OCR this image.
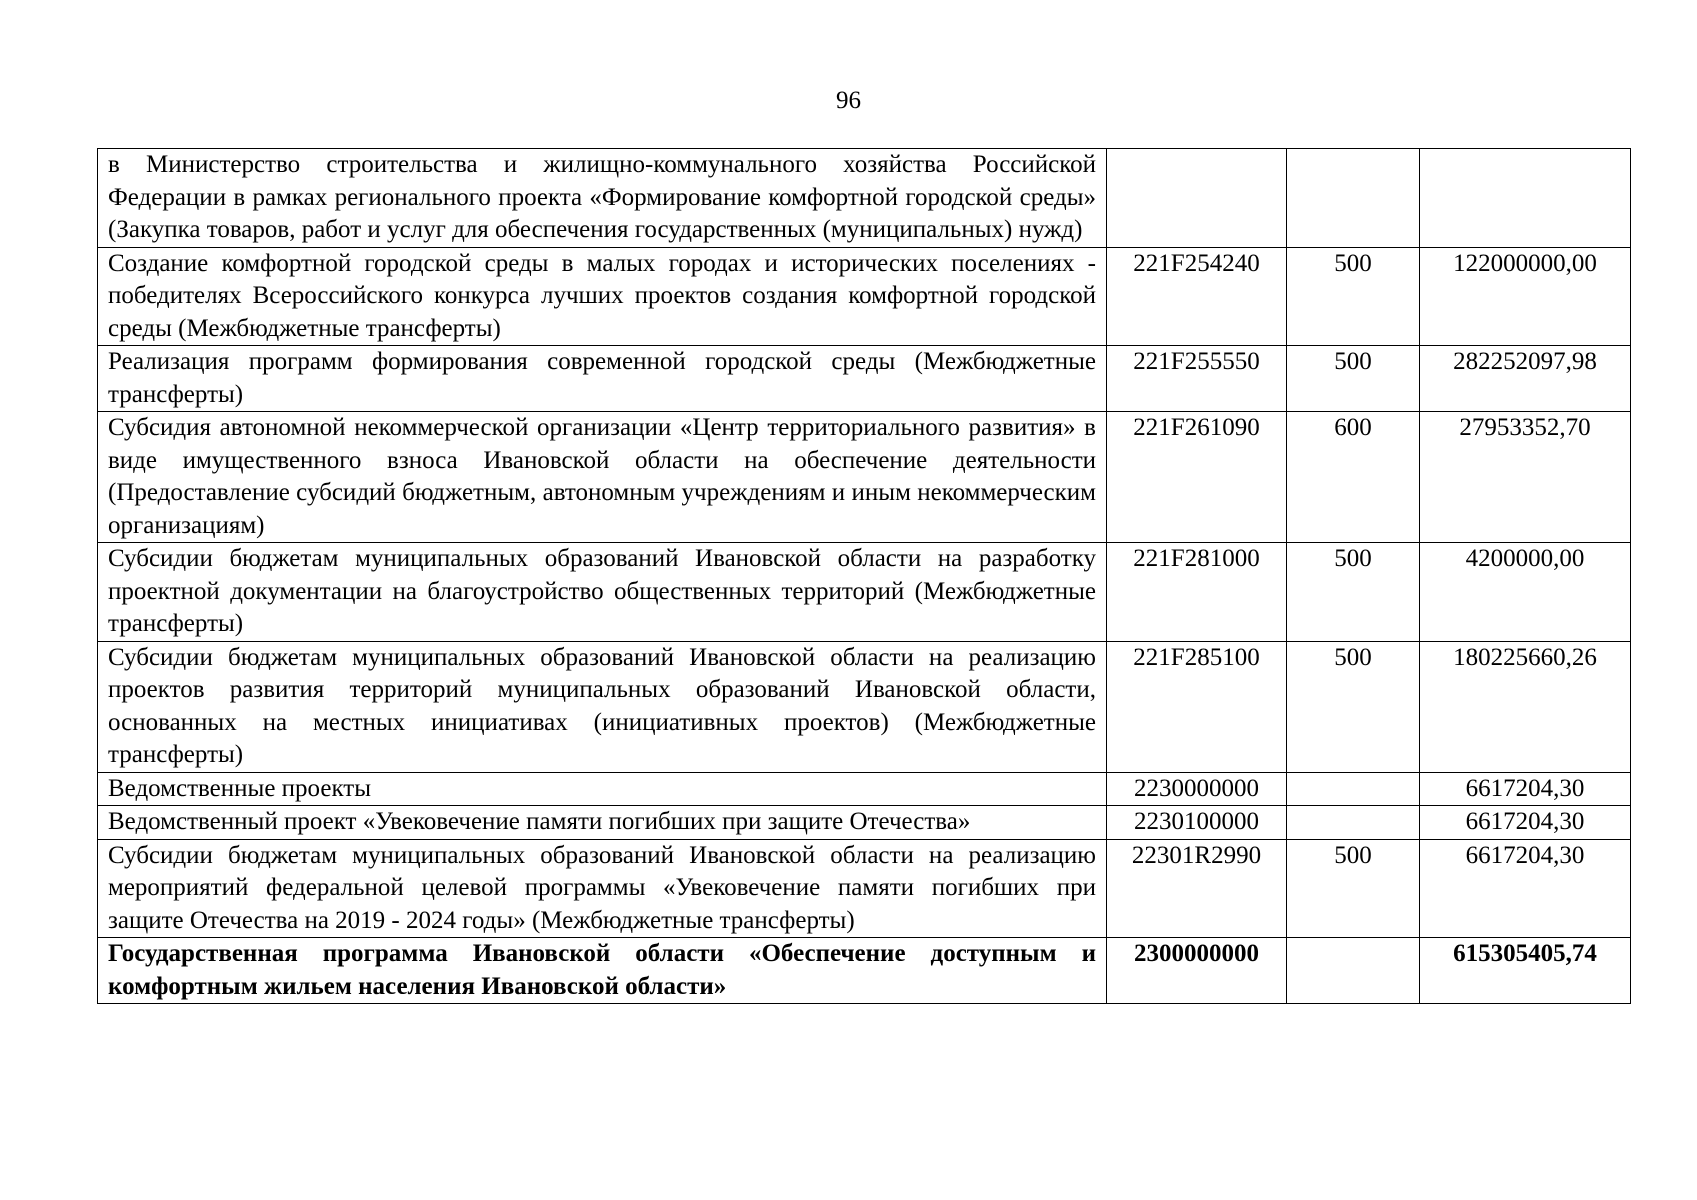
96
в Министерство строительства и жилищно-коммунального хозяйства Российской Федерации в рамках регионального проекта «Формирование комфортной городской среды» (Закупка товаров, работ и услуг для обеспечения государственных (муниципальных) нужд)			
Создание комфортной городской среды в малых городах и исторических поселениях - победителях Всероссийского конкурса лучших проектов создания комфортной городской среды (Межбюджетные трансферты)	221F254240	500	122000000,00
Реализация программ формирования современной городской среды (Межбюджетные трансферты)	221F255550	500	282252097,98
Субсидия автономной некоммерческой организации «Центр территориального развития» в виде имущественного взноса Ивановской области на обеспечение деятельности (Предоставление субсидий бюджетным, автономным учреждениям и иным некоммерческим организациям)	221F261090	600	27953352,70
Субсидии бюджетам муниципальных образований Ивановской области на разработку проектной документации на благоустройство общественных территорий (Межбюджетные трансферты)	221F281000	500	4200000,00
Субсидии бюджетам муниципальных образований Ивановской области на реализацию проектов развития территорий муниципальных образований Ивановской области, основанных на местных инициативах (инициативных проектов) (Межбюджетные трансферты)	221F285100	500	180225660,26
Ведомственные проекты	2230000000		6617204,30
Ведомственный проект «Увековечение памяти погибших при защите Отечества»	2230100000		6617204,30
Субсидии бюджетам муниципальных образований Ивановской области на реализацию мероприятий федеральной целевой программы «Увековечение памяти погибших при защите Отечества на 2019 - 2024 годы» (Межбюджетные трансферты)	22301R2990	500	6617204,30
Государственная программа Ивановской области «Обеспечение доступным и комфортным жильем населения Ивановской области»	2300000000		615305405,74
